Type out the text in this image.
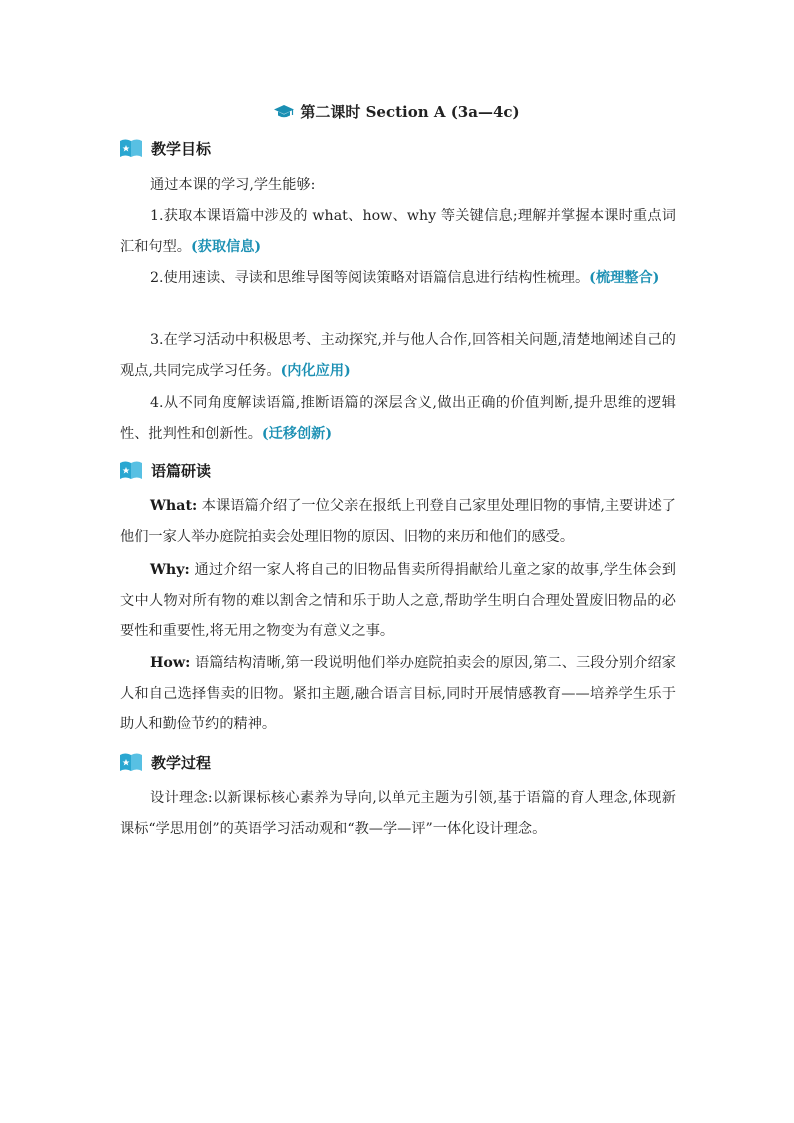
第二课时 Section A (3a—4c)
教学目标
通过本课的学习,学生能够:
1.获取本课语篇中涉及的 what、how、why 等关键信息;理解并掌握本课时重点词汇和句型。(获取信息)
2.使用速读、寻读和思维导图等阅读策略对语篇信息进行结构性梳理。(梳理整合)
3.在学习活动中积极思考、主动探究,并与他人合作,回答相关问题,清楚地阐述自己的观点,共同完成学习任务。(内化应用)
4.从不同角度解读语篇,推断语篇的深层含义,做出正确的价值判断,提升思维的逻辑性、批判性和创新性。(迁移创新)
语篇研读
What: 本课语篇介绍了一位父亲在报纸上刊登自己家里处理旧物的事情,主要讲述了他们一家人举办庭院拍卖会处理旧物的原因、旧物的来历和他们的感受。
Why: 通过介绍一家人将自己的旧物品售卖所得捐献给儿童之家的故事,学生体会到文中人物对所有物的难以割舍之情和乐于助人之意,帮助学生明白合理处置废旧物品的必要性和重要性,将无用之物变为有意义之事。
How: 语篇结构清晰,第一段说明他们举办庭院拍卖会的原因,第二、三段分别介绍家人和自己选择售卖的旧物。紧扣主题,融合语言目标,同时开展情感教育——培养学生乐于助人和勤俭节约的精神。
教学过程
设计理念:以新课标核心素养为导向,以单元主题为引领,基于语篇的育人理念,体现新课标“学思用创”的英语学习活动观和“教—学—评”一体化设计理念。
